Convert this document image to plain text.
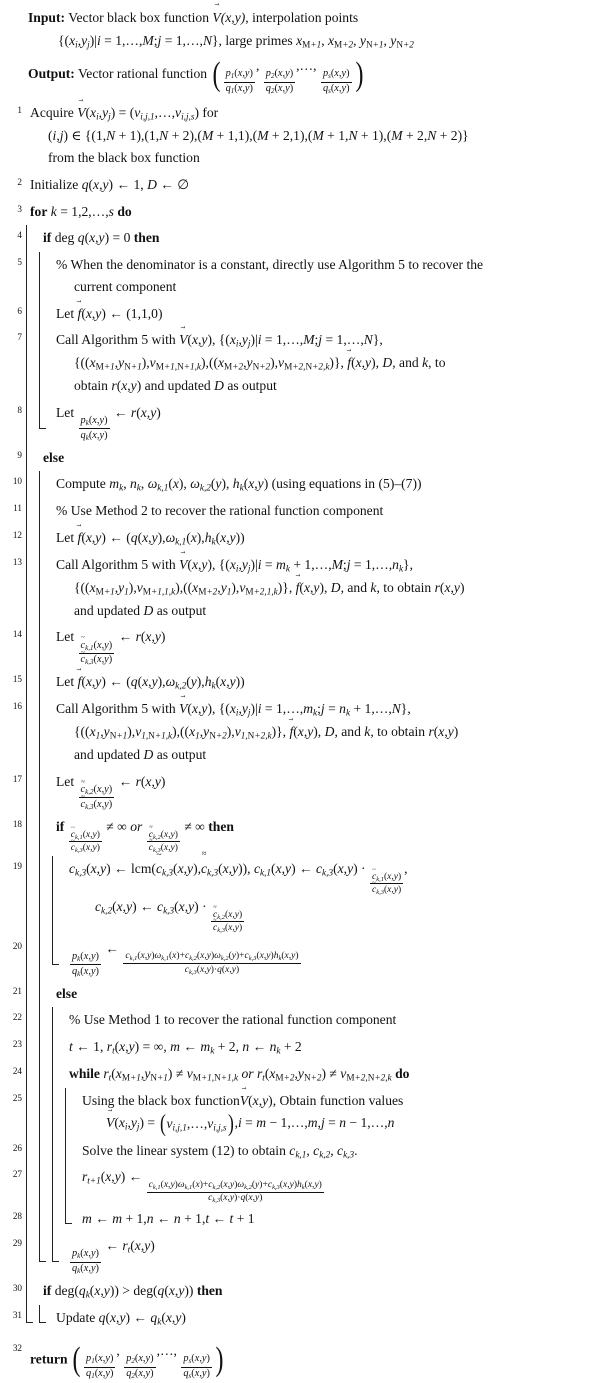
Input: Vector black box function V →(x,y), interpolation points
{$(x_i,y_j)|i$ = 1,…,M;j = 1,…,N}, large primes $x_{M+1}$, $x_{M+2}$, $y_{N+1}$, $y_{N+2}$
Output: Vector rational function ( $\frac{p_1(x,y)}{q_1(x,y)}$
,
$\frac{p_2(x,y)}{q_2(x,y)}$
,…,
$\frac{p_s(x,y)}{q_s(x,y)}$ )
1 Acquire $V \to(x_i,y_j)$ = $(v_{i,j,1},\dots,v_{i,j,s})$ for
(i,j) ∈ {(1,N + 1),(1,N + 2),(M + 1,1),(M + 2,1),(M + 1,N + 1),(M + 2,N + 2)}
from the black box function
2 Initialize q(x,y) ← 1, D ← ∅
3 for k = 1,2,…,s do
4	if deg q(x,y) = 0 then
5	% When the denominator is a constant, directly use Algorithm 5 to recover the
current component
6	Let f →(x,y) ← (1,1,0)
7	Call Algorithm 5 with V →(x,y), {$(x_i,y_j)|i$ = 1,…,M;j = 1,…,N},
$\{((x_{M+1},y_{N+1}),v_{M+1,N+1,k}),((x_{M+2},y_{N+2}),v_{M+2,N+2,k})\}$, f →(x,y), D, and k, to
obtain r(x,y) and updated D as output
8	Let
$\frac{p_k(x,y)}{q_k(x,y)}$
← r(x,y)
9	else
10	Compute $m_k$, $n_k$, $\omega_{k,1}(x)$, $\omega_{k,2}(y)$, $h_k(x,y)$ (using equations in (5)–(7))
11	% Use Method 2 to recover the rational function component
12	Let f →(x,y) ← $(q(x,y),\omega_{k,1}(x),h_k(x,y))$
13	Call Algorithm 5 with V →(x,y), {$(x_i,y_j)|i = m_k$ + 1,…,M;j = $1,\dots,n_k$},
$\{((x_{M+1},y_1),v_{M+1,1,k}),((x_{M+2},y_1),v_{M+2,1,k})\}$, f →(x,y), D, and k, to obtain r(x,y)
and updated D as output
14	Let
$\frac{c \sim_{k,1}(x,y)}{c \sim_{k,3}(x,y)}$
← r(x,y)
15	Let f →(x,y) ← $(q(x,y),\omega_{k,2}(y),h_k(x,y))$
16	Call Algorithm 5 with V →(x,y), {$(x_i,y_j)|i$ = $1,\dots,m_k;j = n_k$ + 1,…,N},
$\{((x_1,y_{N+1}),v_{1,N+1,k}),((x_1,y_{N+2}),v_{1,N+2,k})\}$, f →(x,y), D, and k, to obtain r(x,y)
and updated D as output
17	Let
$\frac{c \approx_{k,2}(x,y)}{c \approx_{k,3}(x,y)}$
← r(x,y)
18	if
$\frac{c \sim_{k,1}(x,y)}{c \sim_{k,3}(x,y)}$
≠ ∞ or
$\frac{c \approx_{k,2}(x,y)}{c \approx_{k,3}(x,y)}$
≠ ∞ then
19	$c_{k,3}(x,y)$ ← lcm(c $\sim_{k,3}(x,y),c \approx_{k,3}(x,y)$), $c_{k,1}(x,y)$ ← $c_{k,3}(x,y)$ ·
$\frac{c \sim_{k,1}(x,y)}{c \sim_{k,3}(x,y)}$
,
$c_{k,2}(x,y)$ ← $c_{k,3}(x,y)$ ·
$\frac{c \approx_{k,2}(x,y)}{c \approx_{k,3}(x,y)}$
20
$\frac{p_k(x,y)}{q_k(x,y)}$
←
$\frac{c_{k,1}(x,y)\omega_{k,1}(x)+c_{k,2}(x,y)\omega_{k,2}(y)+c_{k,3}(x,y)h_k(x,y)}{c_{k,3}(x,y)\cdot q(x,y)}$
21	else
22	% Use Method 1 to recover the rational function component
23	t ← 1, $r_t(x,y)$ = ∞, m ← $m_k + 2$, n ← $n_k + 2$
24	while $r_t(x_{M+1},y_{N+1}) \ne v_{M+1,N+1,k}$ or $r_t(x_{M+2},y_{N+2}) \ne v_{M+2,N+2,k}$ do
25	Using the black box functionV →(x,y), Obtain function values
$V \to(x_i,y_j)$ = ( $v_{i,j,1},\dots,v_{i,j,s}$ ) ,i = m − 1,…,m,j = n − 1,…,n
26	Solve the linear system (12) to obtain $c_{k,1}$, $c_{k,2}$, $c_{k,3}$.
27	$r_{t+1}(x,y)$ ←
$\frac{c_{k,1}(x,y)\omega_{k,1}(x)+c_{k,2}(x,y)\omega_{k,2}(y)+c_{k,3}(x,y)h_k(x,y)}{c_{k,3}(x,y)\cdot q(x,y)}$
28	m ← m + 1,n ← n + 1,t ← t + 1
29
$\frac{p_k(x,y)}{q_k(x,y)}$
← $r_t(x,y)$
30	if $deg(q_k(x,y)) > deg(q(x,y))$ then
31	Update q(x,y) ← $q_k(x,y)$
32
return ( $\frac{p_1(x,y)}{q_1(x,y)}$
,
$\frac{p_2(x,y)}{q_2(x,y)}$
,…,
$\frac{p_s(x,y)}{q_s(x,y)}$ )
